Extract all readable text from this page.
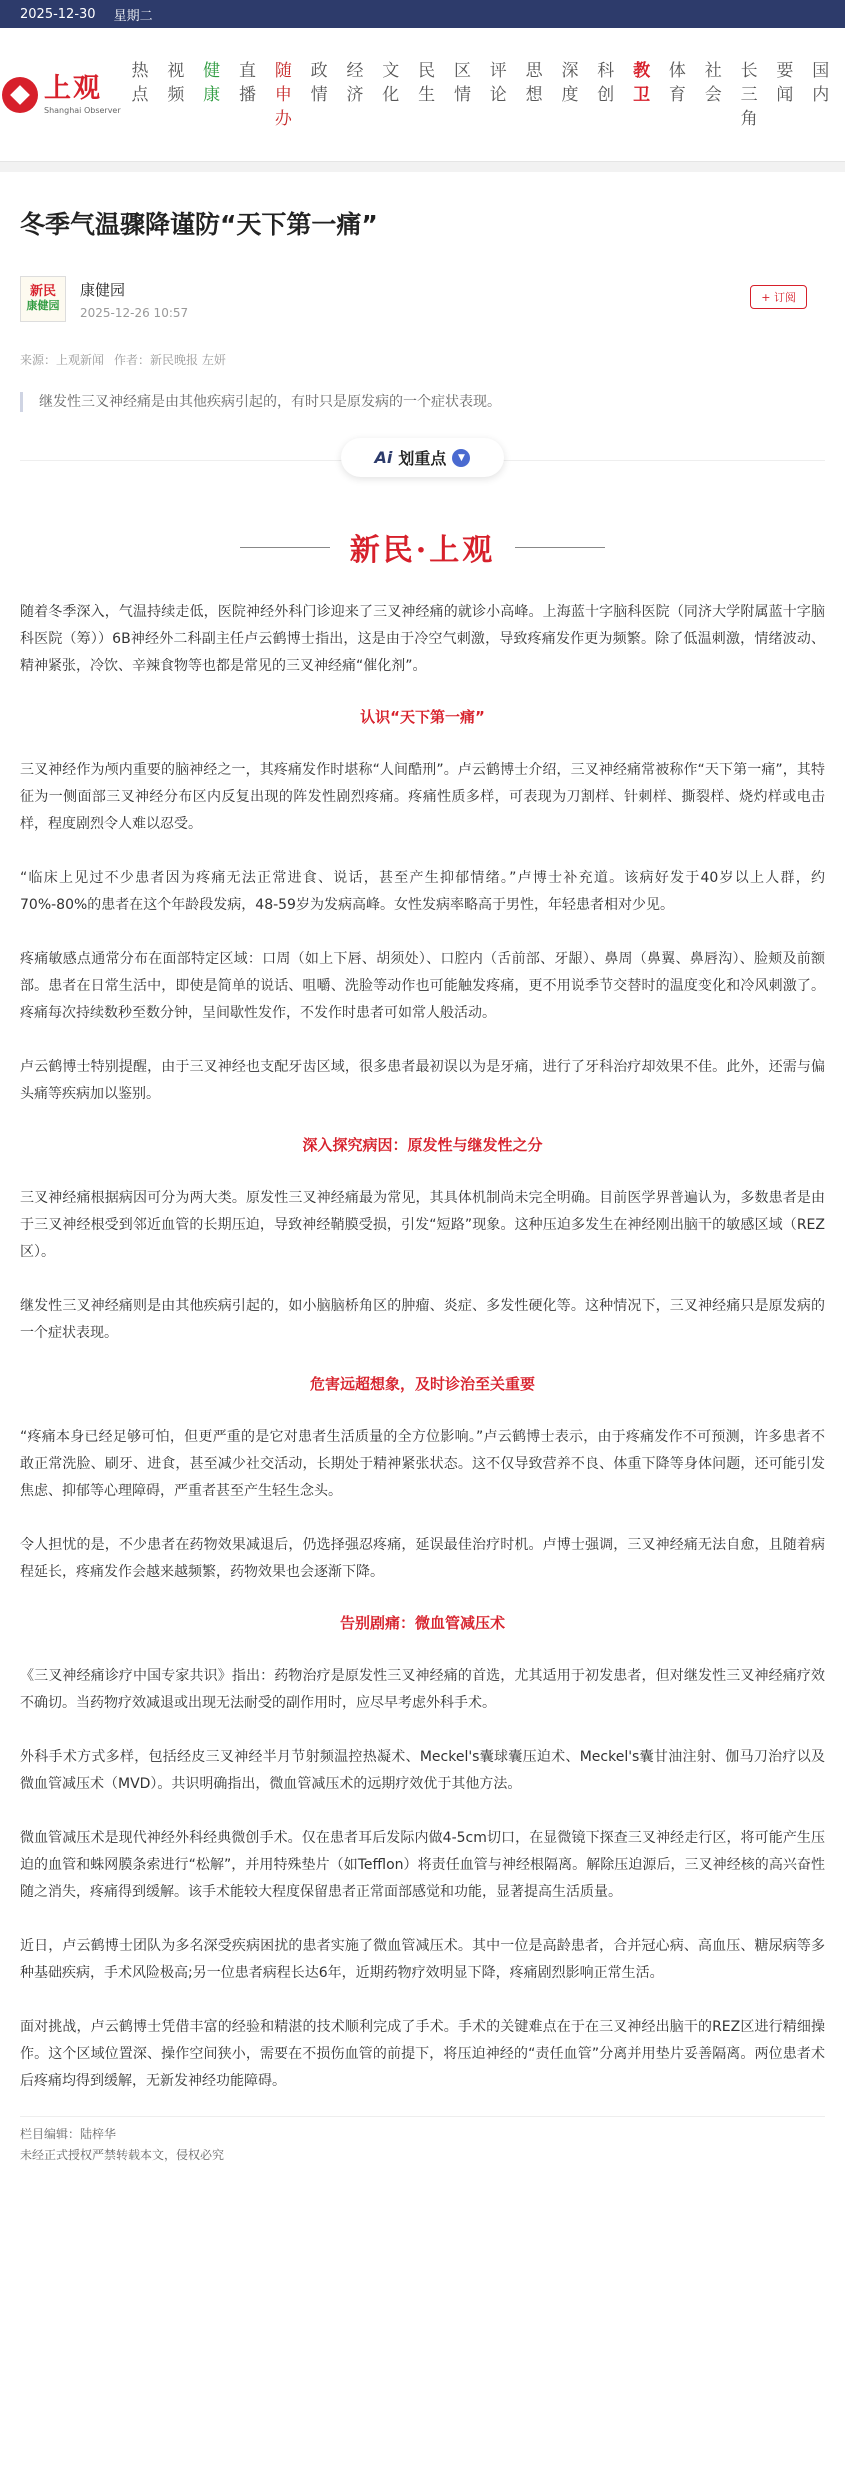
2025-12-30 星期二
上观
Shanghai Observer
热点
视频
健康
直播
随申办
政情
经济
文化
民生
区情
评论
思想
深度
科创
教卫
体育
社会
长三角
要闻
国内
冬季气温骤降谨防“天下第一痛”
新民
康健园
康健园
2025-12-26 10:57
+ 订阅
来源：上观新闻 作者：新民晚报 左妍
继发性三叉神经痛是由其他疾病引起的，有时只是原发病的一个症状表现。
Ai 划重点	▼
新民·上观
随着冬季深入，气温持续走低，医院神经外科门诊迎来了三叉神经痛的就诊小高峰。上海蓝十字脑科医院（同济大学附属蓝十字脑科医院（筹））6B神经外二科副主任卢云鹤博士指出，这是由于冷空气刺激，导致疼痛发作更为频繁。除了低温刺激，情绪波动、精神紧张，冷饮、辛辣食物等也都是常见的三叉神经痛“催化剂”。
认识“天下第一痛”
三叉神经作为颅内重要的脑神经之一，其疼痛发作时堪称“人间酷刑”。卢云鹤博士介绍，三叉神经痛常被称作“天下第一痛”，其特征为一侧面部三叉神经分布区内反复出现的阵发性剧烈疼痛。疼痛性质多样，可表现为刀割样、针刺样、撕裂样、烧灼样或电击样，程度剧烈令人难以忍受。
“临床上见过不少患者因为疼痛无法正常进食、说话，甚至产生抑郁情绪。”卢博士补充道。该病好发于40岁以上人群，约70%-80%的患者在这个年龄段发病，48-59岁为发病高峰。女性发病率略高于男性，年轻患者相对少见。
疼痛敏感点通常分布在面部特定区域：口周（如上下唇、胡须处）、口腔内（舌前部、牙龈）、鼻周（鼻翼、鼻唇沟）、脸颊及前额部。患者在日常生活中，即使是简单的说话、咀嚼、洗脸等动作也可能触发疼痛，更不用说季节交替时的温度变化和冷风刺激了。疼痛每次持续数秒至数分钟，呈间歇性发作，不发作时患者可如常人般活动。
卢云鹤博士特别提醒，由于三叉神经也支配牙齿区域，很多患者最初误以为是牙痛，进行了牙科治疗却效果不佳。此外，还需与偏头痛等疾病加以鉴别。
深入探究病因：原发性与继发性之分
三叉神经痛根据病因可分为两大类。原发性三叉神经痛最为常见，其具体机制尚未完全明确。目前医学界普遍认为，多数患者是由于三叉神经根受到邻近血管的长期压迫，导致神经鞘膜受损，引发“短路”现象。这种压迫多发生在神经刚出脑干的敏感区域（REZ区）。
继发性三叉神经痛则是由其他疾病引起的，如小脑脑桥角区的肿瘤、炎症、多发性硬化等。这种情况下，三叉神经痛只是原发病的一个症状表现。
危害远超想象，及时诊治至关重要
“疼痛本身已经足够可怕，但更严重的是它对患者生活质量的全方位影响。”卢云鹤博士表示，由于疼痛发作不可预测，许多患者不敢正常洗脸、刷牙、进食，甚至减少社交活动，长期处于精神紧张状态。这不仅导致营养不良、体重下降等身体问题，还可能引发焦虑、抑郁等心理障碍，严重者甚至产生轻生念头。
令人担忧的是，不少患者在药物效果减退后，仍选择强忍疼痛，延误最佳治疗时机。卢博士强调，三叉神经痛无法自愈，且随着病程延长，疼痛发作会越来越频繁，药物效果也会逐渐下降。
告别剧痛：微血管减压术
《三叉神经痛诊疗中国专家共识》指出：药物治疗是原发性三叉神经痛的首选，尤其适用于初发患者，但对继发性三叉神经痛疗效不确切。当药物疗效减退或出现无法耐受的副作用时，应尽早考虑外科手术。
外科手术方式多样，包括经皮三叉神经半月节射频温控热凝术、Meckel's囊球囊压迫术、Meckel's囊甘油注射、伽马刀治疗以及微血管减压术（MVD）。共识明确指出，微血管减压术的远期疗效优于其他方法。
微血管减压术是现代神经外科经典微创手术。仅在患者耳后发际内做4-5cm切口，在显微镜下探查三叉神经走行区，将可能产生压迫的血管和蛛网膜条索进行“松解”，并用特殊垫片（如Tefflon）将责任血管与神经根隔离。解除压迫源后，三叉神经核的高兴奋性随之消失，疼痛得到缓解。该手术能较大程度保留患者正常面部感觉和功能，显著提高生活质量。
近日，卢云鹤博士团队为多名深受疾病困扰的患者实施了微血管减压术。其中一位是高龄患者，合并冠心病、高血压、糖尿病等多种基础疾病，手术风险极高;另一位患者病程长达6年，近期药物疗效明显下降，疼痛剧烈影响正常生活。
面对挑战，卢云鹤博士凭借丰富的经验和精湛的技术顺利完成了手术。手术的关键难点在于在三叉神经出脑干的REZ区进行精细操作。这个区域位置深、操作空间狭小，需要在不损伤血管的前提下，将压迫神经的“责任血管”分离并用垫片妥善隔离。两位患者术后疼痛均得到缓解，无新发神经功能障碍。
栏目编辑：陆梓华
未经正式授权严禁转载本文，侵权必究
